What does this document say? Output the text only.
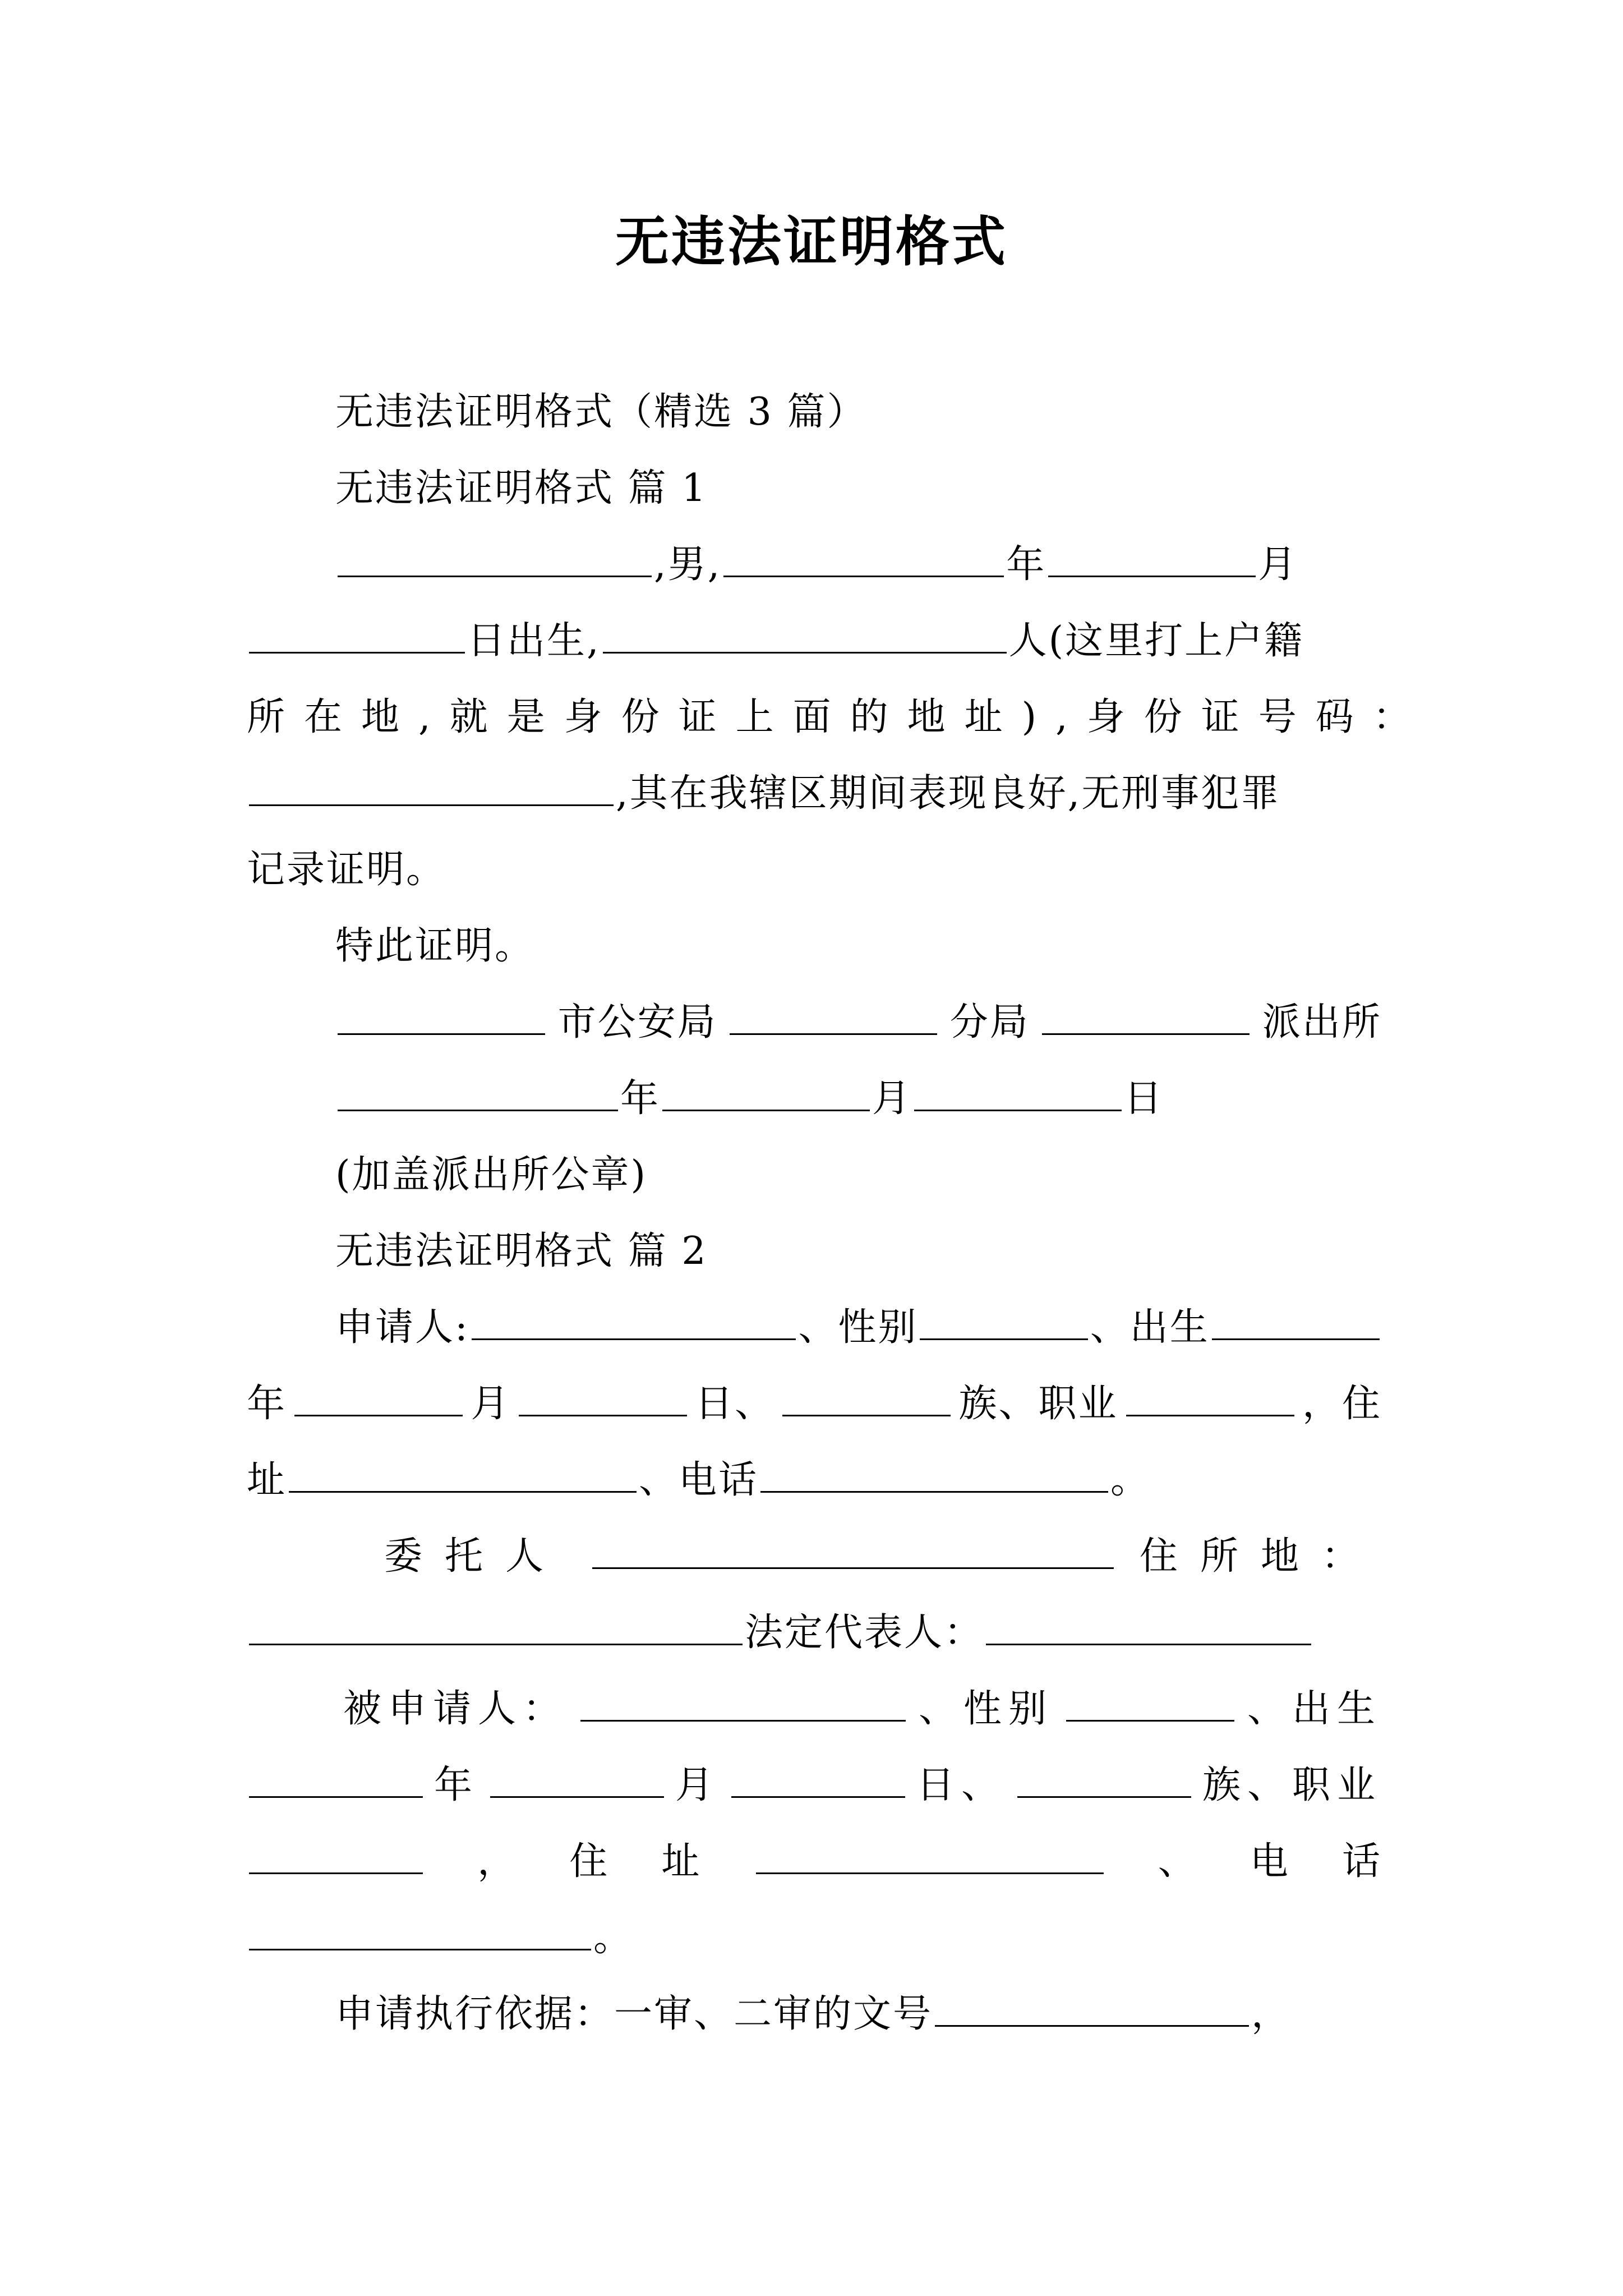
无违法证明格式
无违法证明格式（精选 3 篇）
无违法证明格式 篇 1
,男,	年	月
日出生,	人(这里打上户籍
所在地,就是身份证上面的地址),身份证号码：
,其在我辖区期间表现良好,无刑事犯罪
记录证明。
特此证明。
市公安局	分局	派出所
年	月	日
(加盖派出所公章)
无违法证明格式 篇 2
申请人:	、性别	、出生
年	月	日、	族、职业	，住
址	、电话	。
委托人	住所地：
法定代表人：
被申请人：	、性别	、出生
年	月	日、	族、职业
， 住 址	、 电 话
。
申请执行依据：一审、二审的文号	，
